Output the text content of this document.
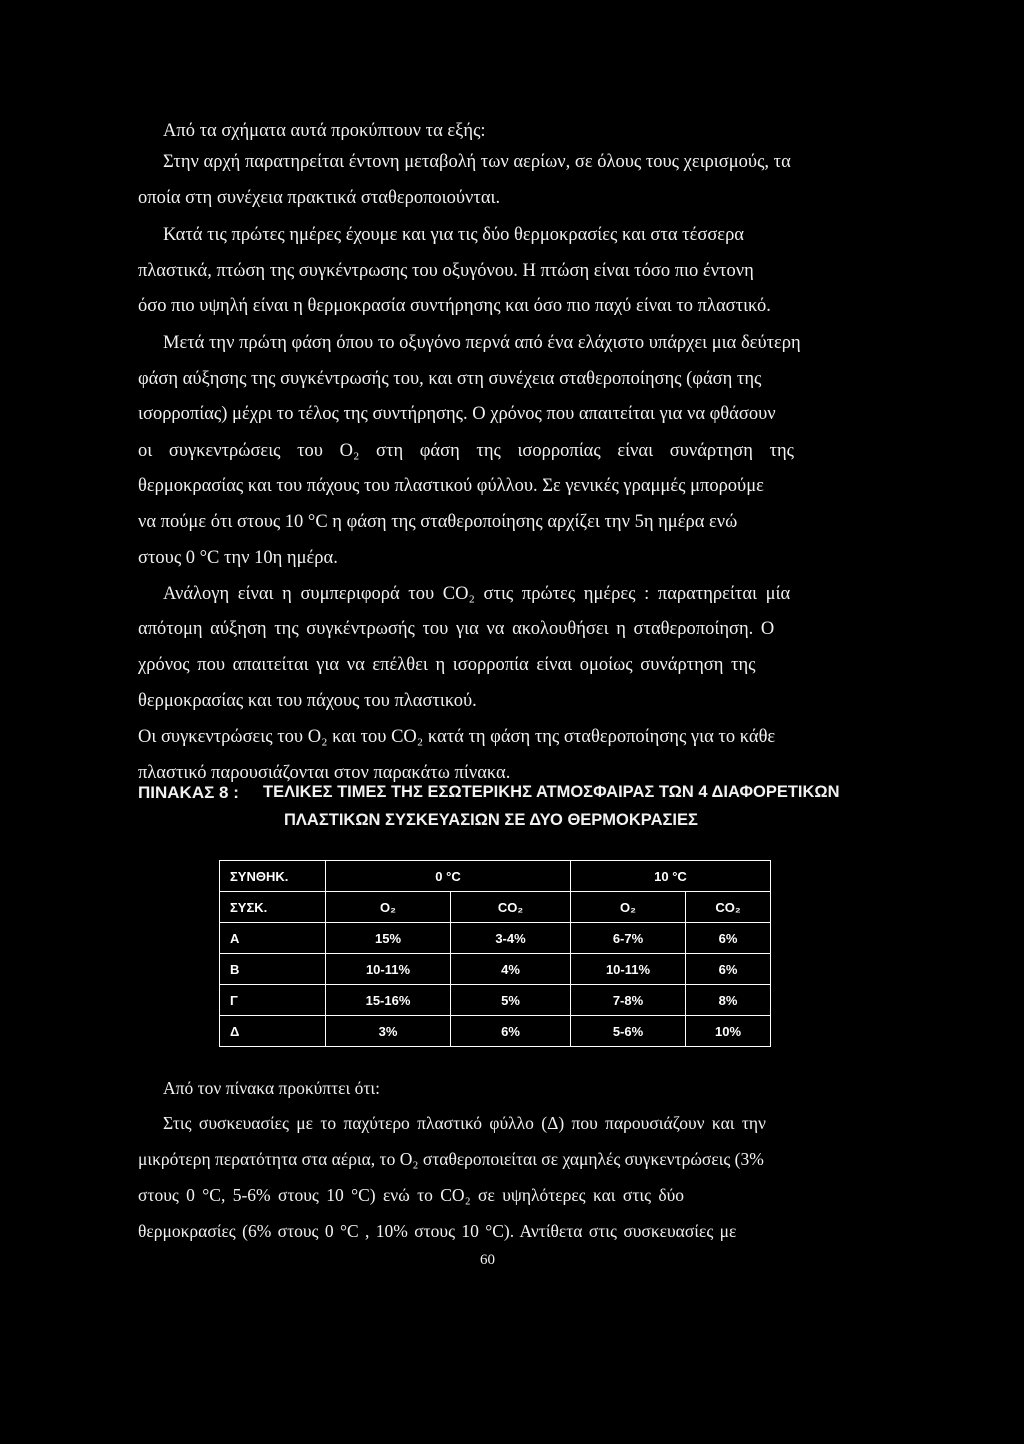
Από τα σχήματα αυτά προκύπτουν τα εξής:
Στην αρχή παρατηρείται έντονη μεταβολή των αερίων, σε όλους τους χειρισμούς, τα
οποία στη συνέχεια πρακτικά σταθεροποιούνται.
Κατά τις πρώτες ημέρες έχουμε και για τις δύο θερμοκρασίες και στα τέσσερα
πλαστικά, πτώση της συγκέντρωσης του οξυγόνου. Η πτώση είναι τόσο πιο έντονη
όσο πιο υψηλή είναι η θερμοκρασία συντήρησης και όσο πιο παχύ είναι το πλαστικό.
Μετά την πρώτη φάση όπου το οξυγόνο περνά από ένα ελάχιστο υπάρχει μια δεύτερη
φάση αύξησης της συγκέντρωσής του, και στη συνέχεια σταθεροποίησης (φάση της
ισορροπίας) μέχρι το τέλος της συντήρησης. Ο χρόνος που απαιτείται για να φθάσουν
οι συγκεντρώσεις του O₂ στη φάση της ισορροπίας είναι συνάρτηση της
θερμοκρασίας και του πάχους του πλαστικού φύλλου. Σε γενικές γραμμές μπορούμε
να πούμε ότι στους 10 °C η φάση της σταθεροποίησης αρχίζει την 5η ημέρα ενώ
στους 0 °C την 10η ημέρα.
Ανάλογη είναι η συμπεριφορά του CO₂ στις πρώτες ημέρες : παρατηρείται μία
απότομη αύξηση της συγκέντρωσής του για να ακολουθήσει η σταθεροποίηση. Ο
χρόνος που απαιτείται για να επέλθει η ισορροπία είναι ομοίως συνάρτηση της
θερμοκρασίας και του πάχους του πλαστικού.
Οι συγκεντρώσεις του O₂ και του CO₂ κατά τη φάση της σταθεροποίησης για το κάθε
πλαστικό παρουσιάζονται στον παρακάτω πίνακα.
ΠΙΝΑΚΑΣ 8 : ΤΕΛΙΚΕΣ ΤΙΜΕΣ ΤΗΣ ΕΣΩΤΕΡΙΚΗΣ ΑΤΜΟΣΦΑΙΡΑΣ ΤΩΝ 4 ΔΙΑΦΟΡΕΤΙΚΩΝ
ΠΛΑΣΤΙΚΩΝ ΣΥΣΚΕΥΑΣΙΩΝ ΣΕ ΔΥΟ ΘΕΡΜΟΚΡΑΣΙΕΣ
ΣΥΝΘΗΚ.	0 °C		10 °C	
ΣΥΣΚ.	O₂	CO₂	O₂	CO₂
Α	15%	3-4%	6-7%	6%
Β	10-11%	4%	10-11%	6%
Γ	15-16%	5%	7-8%	8%
Δ	3%	6%	5-6%	10%
Από τον πίνακα προκύπτει ότι:
Στις συσκευασίες με το παχύτερο πλαστικό φύλλο (Δ) που παρουσιάζουν και την
μικρότερη περατότητα στα αέρια, το O₂ σταθεροποιείται σε χαμηλές συγκεντρώσεις (3%
στους 0 °C, 5-6% στους 10 °C) ενώ το CO₂ σε υψηλότερες και στις δύο
θερμοκρασίες (6% στους 0 °C , 10% στους 10 °C). Αντίθετα στις συσκευασίες με
60
